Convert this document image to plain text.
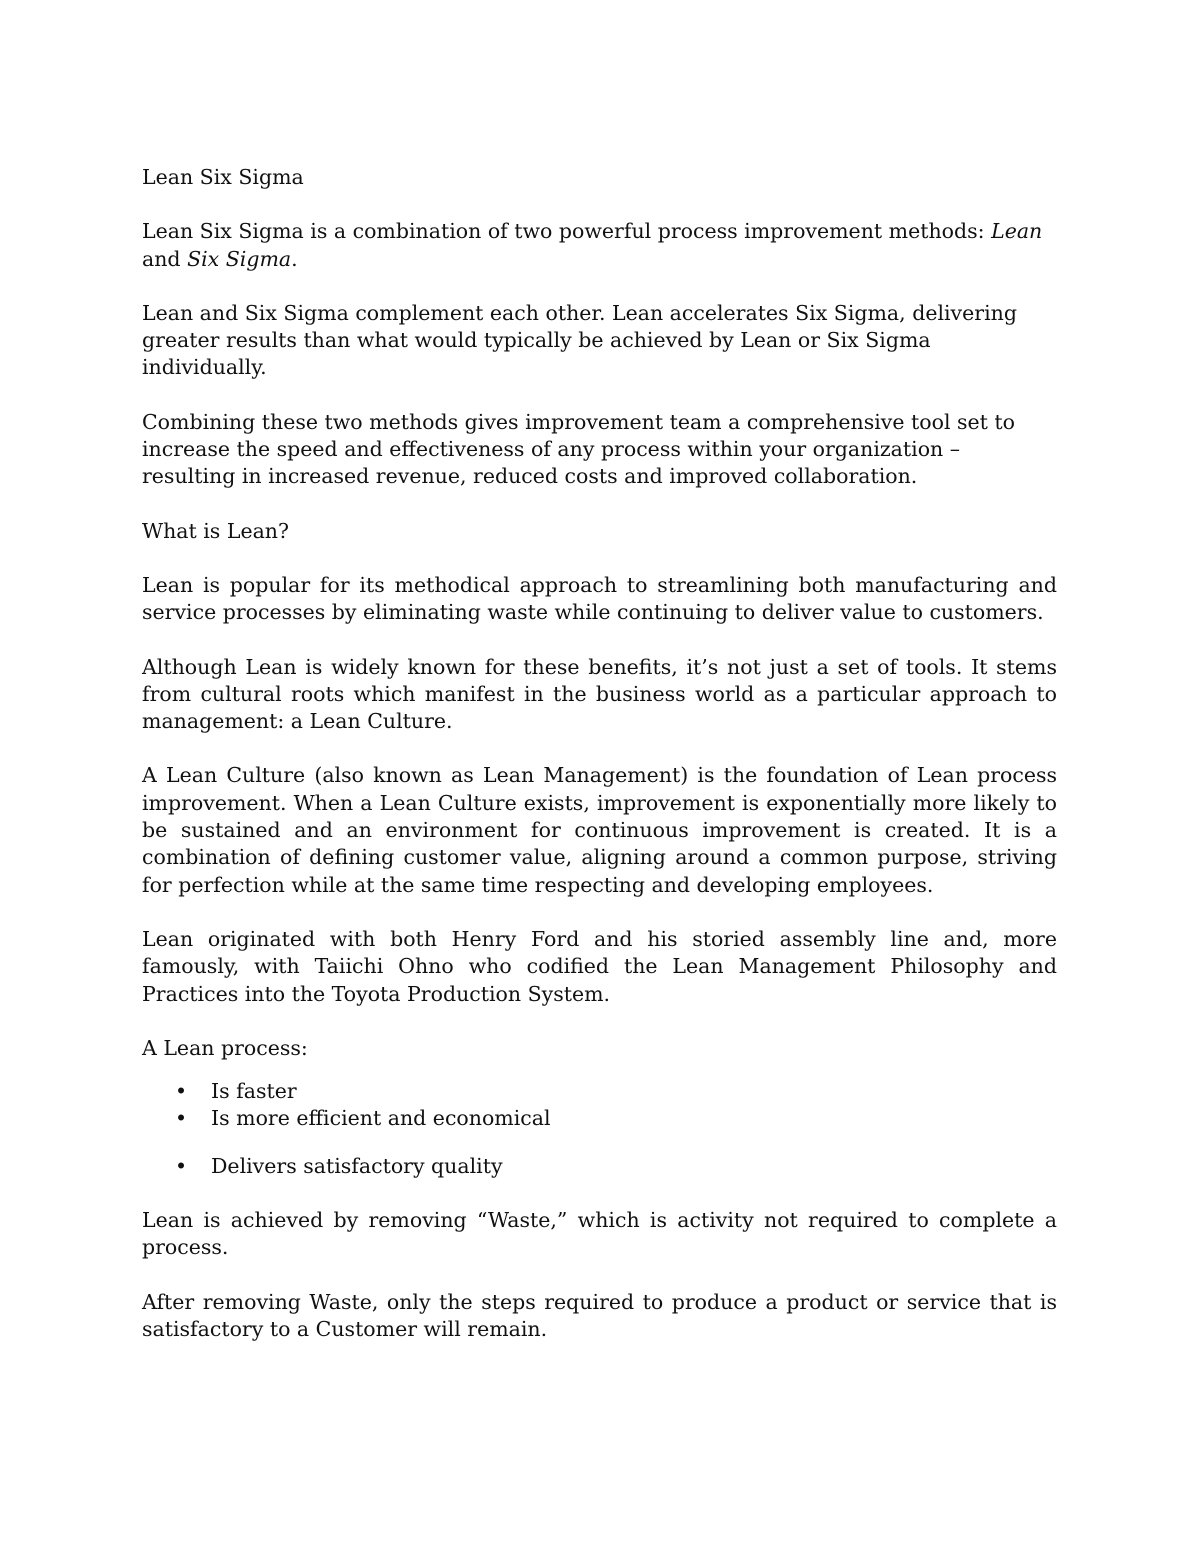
Lean Six Sigma

Lean Six Sigma is a combination of two powerful process improvement methods: Lean and Six Sigma.

Lean and Six Sigma complement each other. Lean accelerates Six Sigma, delivering greater results than what would typically be achieved by Lean or Six Sigma individually.

Combining these two methods gives improvement team a comprehensive tool set to increase the speed and effectiveness of any process within your organization – resulting in increased revenue, reduced costs and improved collaboration.

What is Lean?

Lean is popular for its methodical approach to streamlining both manufacturing and service processes by eliminating waste while continuing to deliver value to customers.

Although Lean is widely known for these benefits, it’s not just a set of tools. It stems from cultural roots which manifest in the business world as a particular approach to management: a Lean Culture.

A Lean Culture (also known as Lean Management) is the foundation of Lean process improvement. When a Lean Culture exists, improvement is exponentially more likely to be sustained and an environment for continuous improvement is created. It is a combination of defining customer value, aligning around a common purpose, striving for perfection while at the same time respecting and developing employees.

Lean originated with both Henry Ford and his storied assembly line and, more famously, with Taiichi Ohno who codified the Lean Management Philosophy and Practices into the Toyota Production System.

A Lean process:

• Is faster
• Is more efficient and economical
• Delivers satisfactory quality

Lean is achieved by removing “Waste,” which is activity not required to complete a process.

After removing Waste, only the steps required to produce a product or service that is satisfactory to a Customer will remain.
